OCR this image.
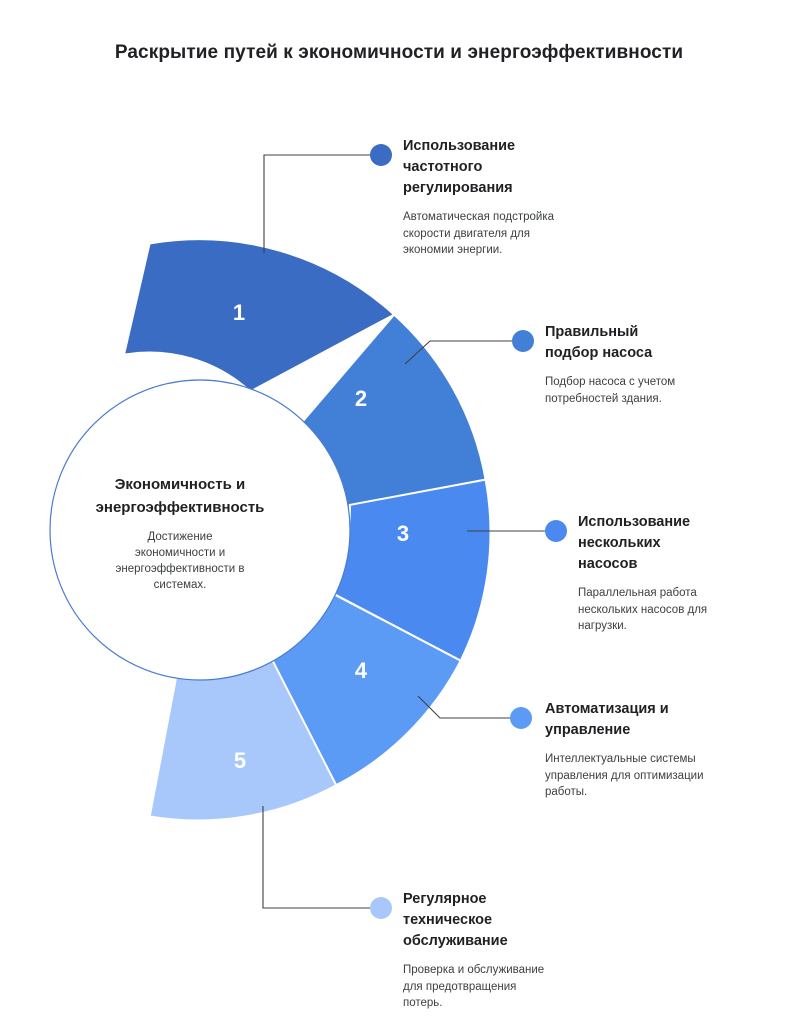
Раскрытие путей к экономичности и энергоэффективности
1
2
3
4
5
Экономичность и
энергоэффективность
Достижение
экономичности и
энергоэффективности в
системах.
Использование
частотного
регулирования
Автоматическая подстройка
скорости двигателя для
экономии энергии.
Правильный
подбор насоса
Подбор насоса с учетом
потребностей здания.
Использование
нескольких
насосов
Параллельная работа
нескольких насосов для
нагрузки.
Автоматизация и
управление
Интеллектуальные системы
управления для оптимизации
работы.
Регулярное
техническое
обслуживание
Проверка и обслуживание
для предотвращения
потерь.
